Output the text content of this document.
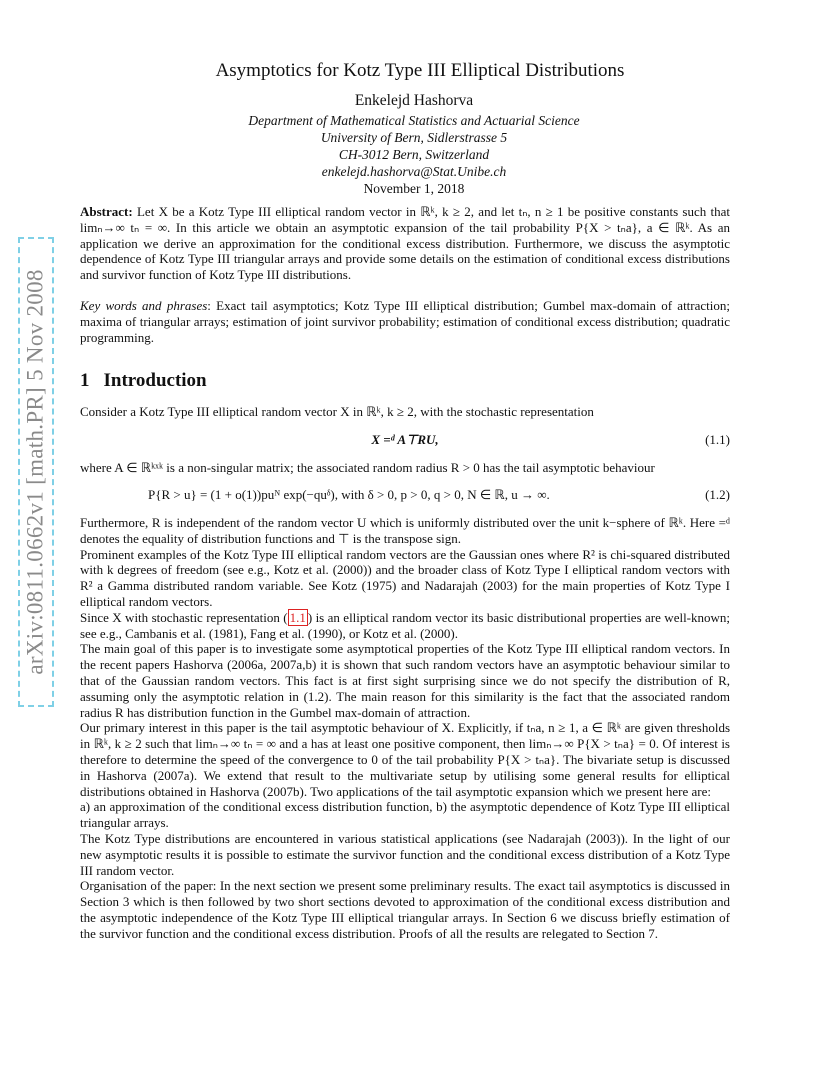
arXiv:0811.0662v1 [math.PR] 5 Nov 2008
Asymptotics for Kotz Type III Elliptical Distributions
Enkelejd Hashorva
Department of Mathematical Statistics and Actuarial Science
University of Bern, Sidlerstrasse 5
CH-3012 Bern, Switzerland
enkelejd.hashorva@Stat.Unibe.ch
November 1, 2018

Abstract: Let X be a Kotz Type III elliptical random vector in ℝᵏ, k ≥ 2, and let tₙ, n ≥ 1 be positive constants such that limₙ→∞ tₙ = ∞. In this article we obtain an asymptotic expansion of the tail probability P{X > tₙa}, a ∈ ℝᵏ. As an application we derive an approximation for the conditional excess distribution. Furthermore, we discuss the asymptotic dependence of Kotz Type III triangular arrays and provide some details on the estimation of conditional excess distributions and survivor function of Kotz Type III distributions.

Key words and phrases: Exact tail asymptotics; Kotz Type III elliptical distribution; Gumbel max-domain of attraction; maxima of triangular arrays; estimation of joint survivor probability; estimation of conditional excess distribution; quadratic programming.

1 Introduction

Consider a Kotz Type III elliptical random vector X in ℝᵏ, k ≥ 2, with the stochastic representation

X =ᵈ A⊤RU,	(1.1)

where A ∈ ℝᵏˣᵏ is a non-singular matrix; the associated random radius R > 0 has the tail asymptotic behaviour

P{R > u} = (1 + o(1))puᴺ exp(−quᵟ), with δ > 0, p > 0, q > 0, N ∈ ℝ, u → ∞.	(1.2)

Furthermore, R is independent of the random vector U which is uniformly distributed over the unit k−sphere of ℝᵏ. Here =ᵈ denotes the equality of distribution functions and ⊤ is the transpose sign.

Prominent examples of the Kotz Type III elliptical random vectors are the Gaussian ones where R² is chi-squared distributed with k degrees of freedom (see e.g., Kotz et al. (2000)) and the broader class of Kotz Type I elliptical random vectors with R² a Gamma distributed random variable. See Kotz (1975) and Nadarajah (2003) for the main properties of Kotz Type I elliptical random vectors.

Since X with stochastic representation ( 1.1 ) is an elliptical random vector its basic distributional properties are well-known; see e.g., Cambanis et al. (1981), Fang et al. (1990), or Kotz et al. (2000).

The main goal of this paper is to investigate some asymptotical properties of the Kotz Type III elliptical random vectors. In the recent papers Hashorva (2006a, 2007a,b) it is shown that such random vectors have an asymptotic behaviour similar to that of the Gaussian random vectors. This fact is at first sight surprising since we do not specify the distribution of R, assuming only the asymptotic relation in (1.2). The main reason for this similarity is the fact that the associated random radius R has distribution function in the Gumbel max-domain of attraction.

Our primary interest in this paper is the tail asymptotic behaviour of X. Explicitly, if tₙa, n ≥ 1, a ∈ ℝᵏ are given thresholds in ℝᵏ, k ≥ 2 such that limₙ→∞ tₙ = ∞ and a has at least one positive component, then limₙ→∞ P{X > tₙa} = 0. Of interest is therefore to determine the speed of the convergence to 0 of the tail probability P{X > tₙa}. The bivariate setup is discussed in Hashorva (2007a). We extend that result to the multivariate setup by utilising some general results for elliptical distributions obtained in Hashorva (2007b). Two applications of the tail asymptotic expansion which we present here are:

a) an approximation of the conditional excess distribution function, b) the asymptotic dependence of Kotz Type III elliptical triangular arrays.

The Kotz Type distributions are encountered in various statistical applications (see Nadarajah (2003)). In the light of our new asymptotic results it is possible to estimate the survivor function and the conditional excess distribution of a Kotz Type III random vector.

Organisation of the paper: In the next section we present some preliminary results. The exact tail asymptotics is discussed in Section 3 which is then followed by two short sections devoted to approximation of the conditional excess distribution and the asymptotic independence of the Kotz Type III elliptical triangular arrays. In Section 6 we discuss briefly estimation of the survivor function and the conditional excess distribution. Proofs of all the results are relegated to Section 7.
